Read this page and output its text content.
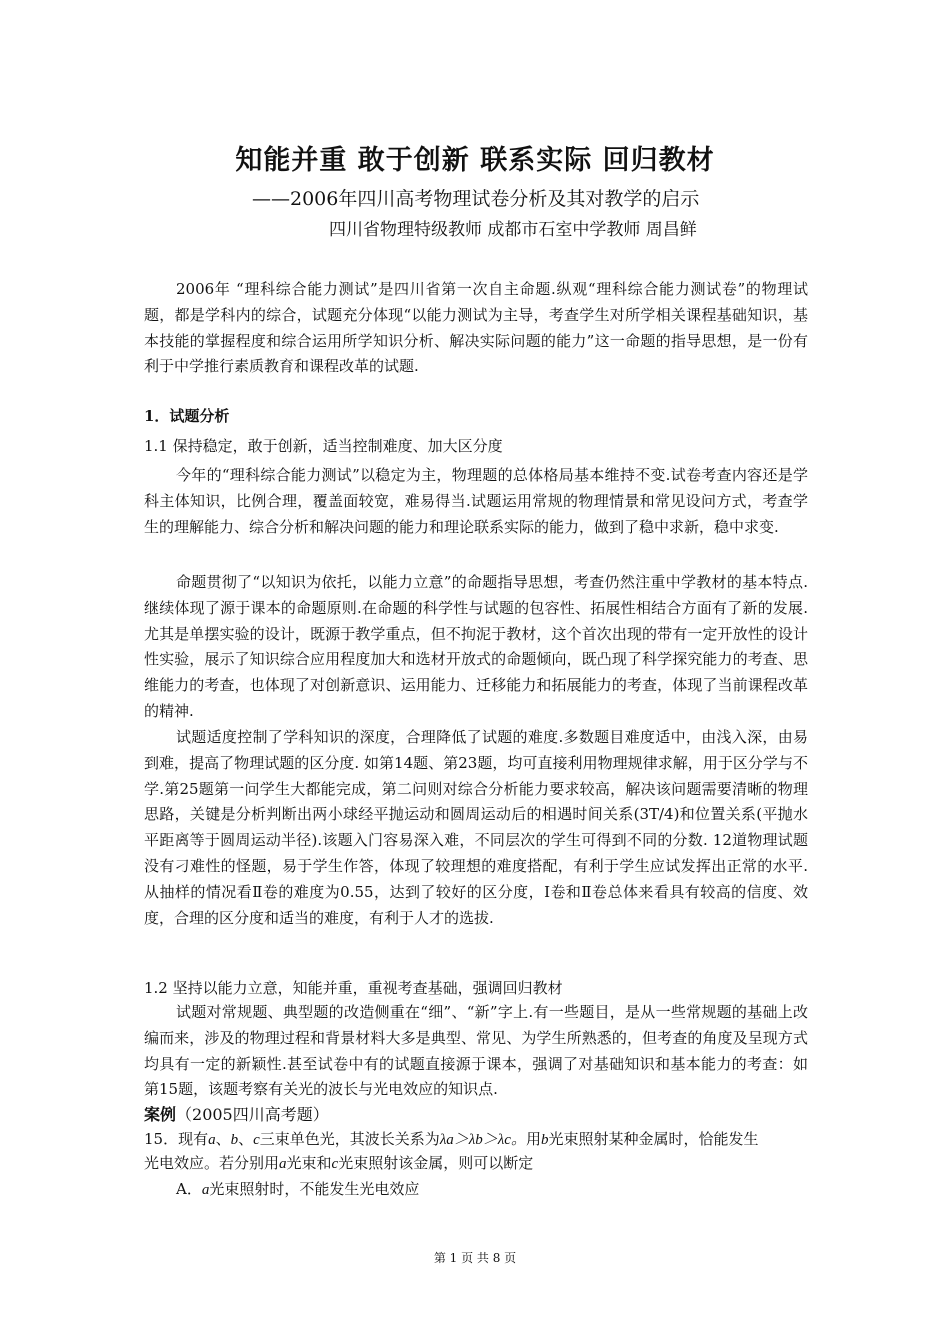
知能并重 敢于创新 联系实际 回归教材
——2006年四川高考物理试卷分析及其对教学的启示
四川省物理特级教师 成都市石室中学教师 周昌鲜

2006年 “理科综合能力测试”是四川省第一次自主命题.纵观“理科综合能力测试卷”的物理试题，都是学科内的综合，试题充分体现“以能力测试为主导，考查学生对所学相关课程基础知识，基本技能的掌握程度和综合运用所学知识分析、解决实际问题的能力”这一命题的指导思想，是一份有利于中学推行素质教育和课程改革的试题.

1．试题分析
1.1 保持稳定，敢于创新，适当控制难度、加大区分度

今年的“理科综合能力测试”以稳定为主，物理题的总体格局基本维持不变.试卷考查内容还是学科主体知识，比例合理，覆盖面较宽，难易得当.试题运用常规的物理情景和常见设问方式，考查学生的理解能力、综合分析和解决问题的能力和理论联系实际的能力，做到了稳中求新，稳中求变.

命题贯彻了“以知识为依托，以能力立意”的命题指导思想，考查仍然注重中学教材的基本特点.继续体现了源于课本的命题原则.在命题的科学性与试题的包容性、拓展性相结合方面有了新的发展.尤其是单摆实验的设计，既源于教学重点，但不拘泥于教材，这个首次出现的带有一定开放性的设计性实验，展示了知识综合应用程度加大和选材开放式的命题倾向，既凸现了科学探究能力的考查、思维能力的考查，也体现了对创新意识、运用能力、迁移能力和拓展能力的考查，体现了当前课程改革的精神.

试题适度控制了学科知识的深度，合理降低了试题的难度.多数题目难度适中，由浅入深，由易到难，提高了物理试题的区分度. 如第14题、第23题，均可直接利用物理规律求解，用于区分学与不学.第25题第一问学生大都能完成，第二问则对综合分析能力要求较高，解决该问题需要清晰的物理思路，关键是分析判断出两小球经平抛运动和圆周运动后的相遇时间关系(3T/4)和位置关系(平抛水平距离等于圆周运动半径).该题入门容易深入难，不同层次的学生可得到不同的分数. 12道物理试题没有刁难性的怪题，易于学生作答，体现了较理想的难度搭配，有利于学生应试发挥出正常的水平.从抽样的情况看Ⅱ卷的难度为0.55，达到了较好的区分度，Ⅰ卷和Ⅱ卷总体来看具有较高的信度、效度，合理的区分度和适当的难度，有利于人才的选拔.

1.2 坚持以能力立意，知能并重，重视考查基础，强调回归教材

试题对常规题、典型题的改造侧重在“细”、“新”字上.有一些题目，是从一些常规题的基础上改编而来，涉及的物理过程和背景材料大多是典型、常见、为学生所熟悉的，但考查的角度及呈现方式均具有一定的新颖性.甚至试卷中有的试题直接源于课本，强调了对基础知识和基本能力的考查：如第15题，该题考察有关光的波长与光电效应的知识点.

案例（2005四川高考题）
15．现有a、b、c三束单色光，其波长关系为λa＞λb＞λc。用b光束照射某种金属时，恰能发生
光电效应。若分别用a光束和c光束照射该金属，则可以断定
A．a光束照射时，不能发生光电效应
第 1 页 共 8 页
